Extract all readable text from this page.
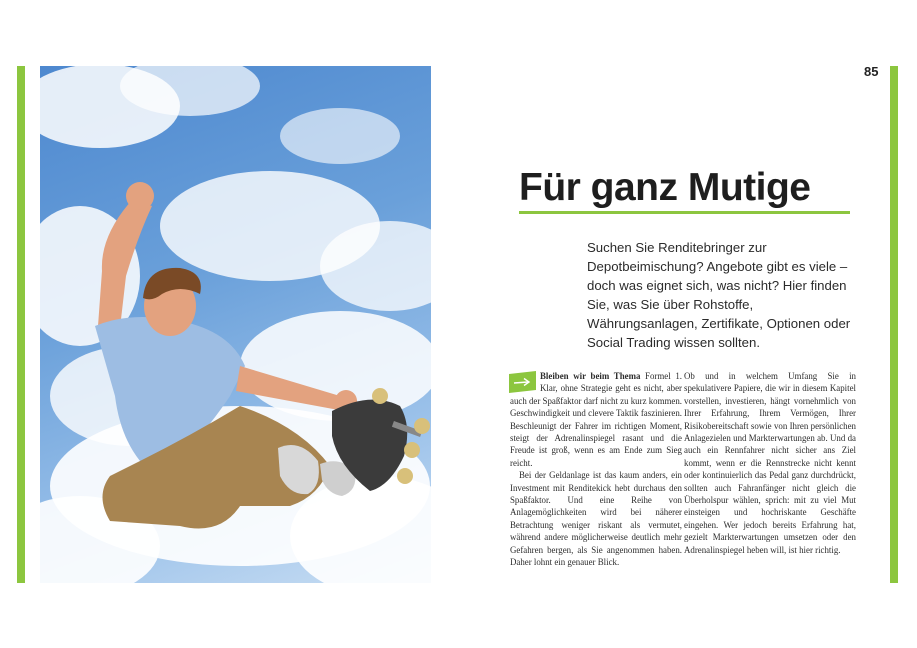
85
Für ganz Mutige

Suchen Sie Renditebringer zur Depotbeimischung? Angebote gibt es viele – doch was eignet sich, was nicht? Hier finden Sie, was Sie über Rohstoffe, Währungsanlagen, Zertifikate, Optionen oder Social Trading wissen sollten.

Bleiben wir beim Thema Formel 1. Klar, ohne Strategie geht es nicht, aber auch der Spaßfaktor darf nicht zu kurz kommen. Geschwindigkeit und clevere Taktik faszinieren. Beschleunigt der Fahrer im richtigen Moment, steigt der Adrenalinspiegel rasant und die Freude ist groß, wenn es am Ende zum Sieg reicht.

Bei der Geldanlage ist das kaum anders, ein Investment mit Renditekick hebt durchaus den Spaßfaktor. Und eine Reihe von Anlagemöglichkeiten wird bei näherer Betrachtung weniger riskant als vermutet, während andere möglicherweise deutlich mehr Gefahren bergen, als Sie angenommen haben. Daher lohnt ein genauer Blick.

Ob und in welchem Umfang Sie in spekulativere Papiere, die wir in diesem Kapitel vorstellen, investieren, hängt vornehmlich von Ihrer Erfahrung, Ihrem Vermögen, Ihrer Risikobereitschaft sowie von Ihren persönlichen Anlagezielen und Markterwartungen ab. Und da auch ein Rennfahrer nicht sicher ans Ziel kommt, wenn er die Rennstrecke nicht kennt oder kontinuierlich das Pedal ganz durchdrückt, sollten auch Fahranfänger nicht gleich die Überholspur wählen, sprich: mit zu viel Mut einsteigen und hochriskante Geschäfte eingehen. Wer jedoch bereits Erfahrung hat, gezielt Markterwartungen umsetzen oder den Adrenalinspiegel heben will, ist hier richtig.
